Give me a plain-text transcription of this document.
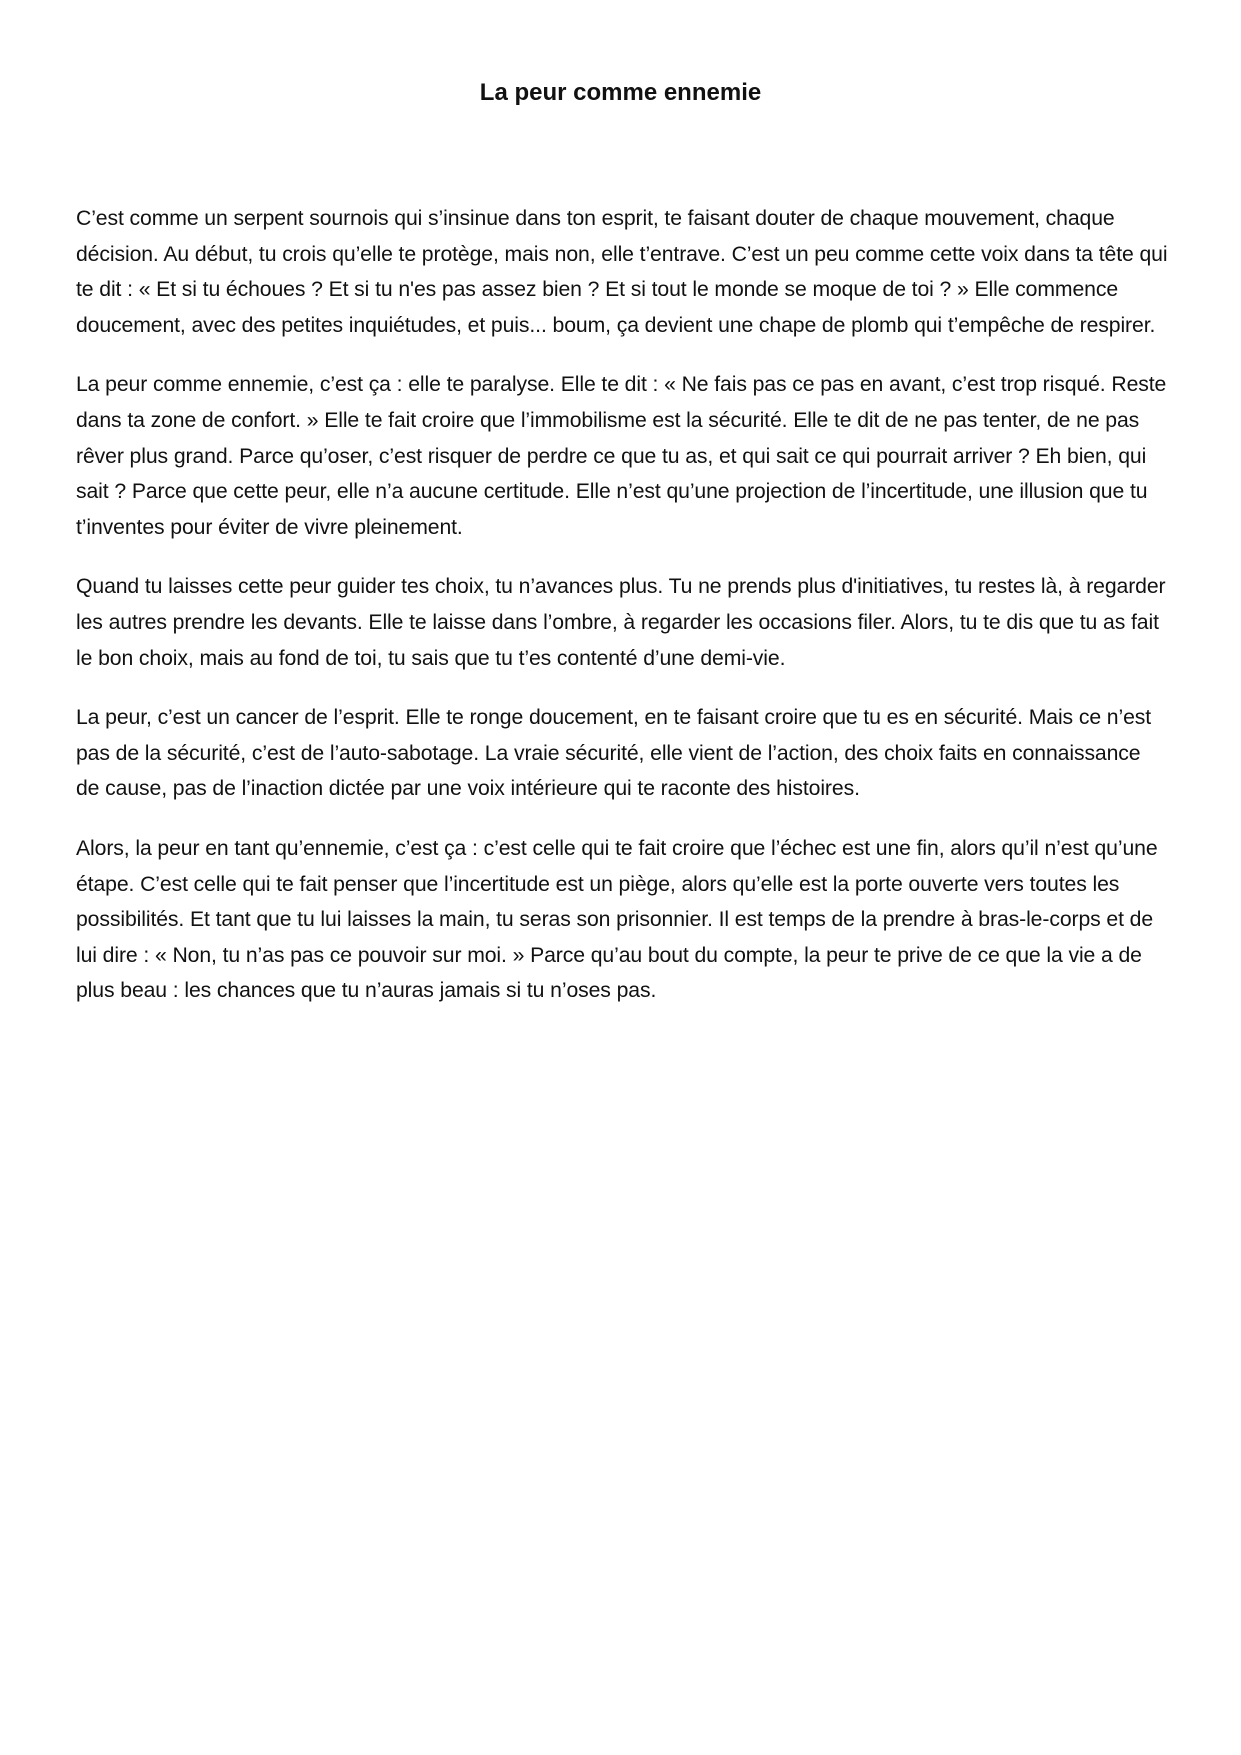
La peur comme ennemie

C’est comme un serpent sournois qui s’insinue dans ton esprit, te faisant douter de chaque mouvement, chaque décision. Au début, tu crois qu’elle te protège, mais non, elle t’entrave. C’est un peu comme cette voix dans ta tête qui te dit : « Et si tu échoues ? Et si tu n'es pas assez bien ? Et si tout le monde se moque de toi ? » Elle commence doucement, avec des petites inquiétudes, et puis... boum, ça devient une chape de plomb qui t’empêche de respirer.

La peur comme ennemie, c’est ça : elle te paralyse. Elle te dit : « Ne fais pas ce pas en avant, c’est trop risqué. Reste dans ta zone de confort. » Elle te fait croire que l’immobilisme est la sécurité. Elle te dit de ne pas tenter, de ne pas rêver plus grand. Parce qu’oser, c’est risquer de perdre ce que tu as, et qui sait ce qui pourrait arriver ? Eh bien, qui sait ? Parce que cette peur, elle n’a aucune certitude. Elle n’est qu’une projection de l’incertitude, une illusion que tu t’inventes pour éviter de vivre pleinement.

Quand tu laisses cette peur guider tes choix, tu n’avances plus. Tu ne prends plus d'initiatives, tu restes là, à regarder les autres prendre les devants. Elle te laisse dans l’ombre, à regarder les occasions filer. Alors, tu te dis que tu as fait le bon choix, mais au fond de toi, tu sais que tu t’es contenté d’une demi-vie.

La peur, c’est un cancer de l’esprit. Elle te ronge doucement, en te faisant croire que tu es en sécurité. Mais ce n’est pas de la sécurité, c’est de l’auto-sabotage. La vraie sécurité, elle vient de l’action, des choix faits en connaissance de cause, pas de l’inaction dictée par une voix intérieure qui te raconte des histoires.

Alors, la peur en tant qu’ennemie, c’est ça : c’est celle qui te fait croire que l’échec est une fin, alors qu’il n’est qu’une étape. C’est celle qui te fait penser que l’incertitude est un piège, alors qu’elle est la porte ouverte vers toutes les possibilités. Et tant que tu lui laisses la main, tu seras son prisonnier. Il est temps de la prendre à bras-le-corps et de lui dire : « Non, tu n’as pas ce pouvoir sur moi. » Parce qu’au bout du compte, la peur te prive de ce que la vie a de plus beau : les chances que tu n’auras jamais si tu n’oses pas.
